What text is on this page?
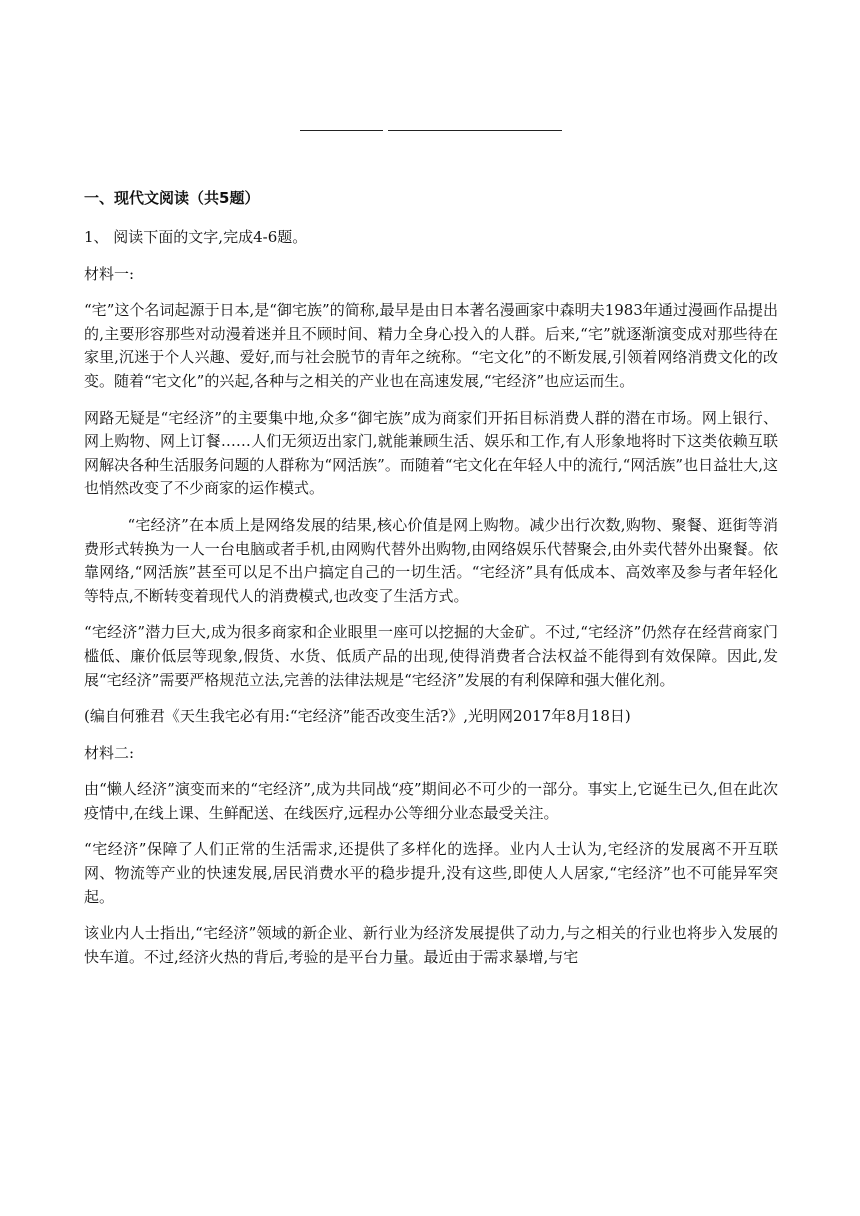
一、现代文阅读（共5题）

1、 阅读下面的文字,完成4-6题。

材料一:

“宅”这个名词起源于日本,是“御宅族”的简称,最早是由日本著名漫画家中森明夫1983年通过漫画作品提出的,主要形容那些对动漫着迷并且不顾时间、精力全身心投入的人群。后来,“宅”就逐渐演变成对那些待在家里,沉迷于个人兴趣、爱好,而与社会脱节的青年之统称。“宅文化”的不断发展,引领着网络消费文化的改变。随着“宅文化”的兴起,各种与之相关的产业也在高速发展,“宅经济”也应运而生。

网路无疑是“宅经济”的主要集中地,众多“御宅族”成为商家们开拓目标消费人群的潜在市场。网上银行、网上购物、网上订餐……人们无须迈出家门,就能兼顾生活、娱乐和工作,有人形象地将时下这类依赖互联网解决各种生活服务问题的人群称为“网活族”。而随着“宅文化在年轻人中的流行,“网活族”也日益壮大,这也悄然改变了不少商家的运作模式。

“宅经济”在本质上是网络发展的结果,核心价值是网上购物。减少出行次数,购物、聚餐、逛街等消费形式转换为一人一台电脑或者手机,由网购代替外出购物,由网络娱乐代替聚会,由外卖代替外出聚餐。依靠网络,“网活族”甚至可以足不出户搞定自己的一切生活。“宅经济”具有低成本、高效率及参与者年轻化等特点,不断转变着现代人的消费模式,也改变了生活方式。

“宅经济”潜力巨大,成为很多商家和企业眼里一座可以挖掘的大金矿。不过,“宅经济”仍然存在经营商家门槛低、廉价低层等现象,假货、水货、低质产品的出现,使得消费者合法权益不能得到有效保障。因此,发展“宅经济”需要严格规范立法,完善的法律法规是“宅经济”发展的有利保障和强大催化剂。

(编自何雅君《天生我宅必有用:“宅经济”能否改变生活?》,光明网2017年8月18日)

材料二:

由“懒人经济”演变而来的“宅经济”,成为共同战“疫”期间必不可少的一部分。事实上,它诞生已久,但在此次疫情中,在线上课、生鲜配送、在线医疗,远程办公等细分业态最受关注。

“宅经济”保障了人们正常的生活需求,还提供了多样化的选择。业内人士认为,宅经济的发展离不开互联网、物流等产业的快速发展,居民消费水平的稳步提升,没有这些,即使人人居家,“宅经济”也不可能异军突起。

该业内人士指出,“宅经济”领域的新企业、新行业为经济发展提供了动力,与之相关的行业也将步入发展的快车道。不过,经济火热的背后,考验的是平台力量。最近由于需求暴增,与宅
